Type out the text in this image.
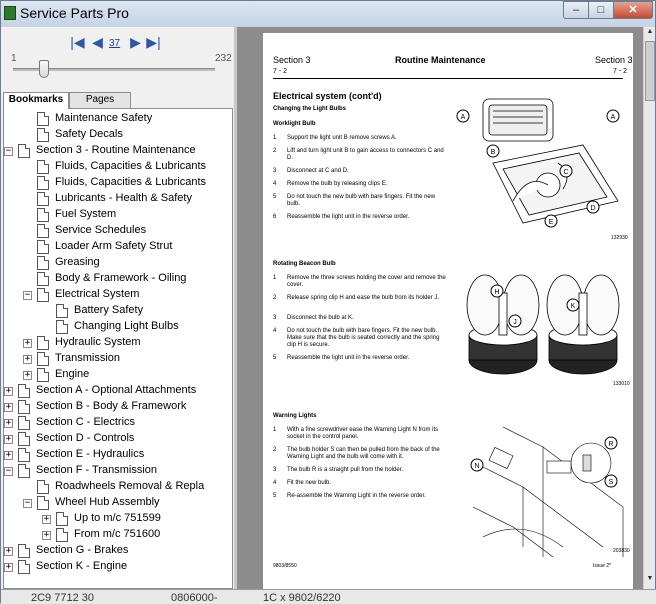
Service Parts Pro	–	□	✕
|◀ ◀ 37 ▶ ▶|
1	232
Bookmarks	Pages
Maintenance Safety
Safety Decals
− Section 3 - Routine Maintenance
Fluids, Capacities & Lubricants
Fluids, Capacities & Lubricants
Lubricants - Health & Safety
Fuel System
Service Schedules
Loader Arm Safety Strut
Greasing
Body & Framework - Oiling
− Electrical System
Battery Safety
Changing Light Bulbs
+ Hydraulic System
+ Transmission
+ Engine
+ Section A - Optional Attachments
+ Section B - Body & Framework
+ Section C - Electrics
+ Section D - Controls
+ Section E - Hydraulics
− Section F - Transmission
Roadwheels Removal & Repla
− Wheel Hub Assembly
+ Up to m/c 751599
+ From m/c 751600
+ Section G - Brakes
+ Section K - Engine
Section 3	Routine Maintenance	Section 3
7 - 2	7 - 2
Electrical system (cont'd)
Changing the Light Bulbs
Worklight Bulb
1 Support the light unit B remove screws A.
2 Lift and turn light unit B to gain access to connectors C and D.
3 Disconnect at C and D.
4 Remove the bulb by releasing clips E.
5 Do not touch the new bulb with bare fingers. Fit the new bulb.
6 Reassemble the light unit in the reverse order.
A	A
B
C
D
E
132930
Rotating Beacon Bulb
1 Remove the three screws holding the cover and remove the cover.
2 Release spring clip H and ease the bulb from its holder J.
3 Disconnect the bulb at K.
4 Do not touch the bulb with bare fingers. Fit the new bulb. Make sure that the bulb is seated correctly and the spring clip H is secure.
5 Reassemble the light unit in the reverse order.
H
J
K
133010
Warning Lights
1 With a fine screwdriver ease the Warning Light N from its socket in the control panel.
2 The bulb holder S can then be pulled from the back of the Warning Light and the bulb will come with it.
3 The bulb R is a straight pull from the holder.
4 Fit the new bulb.
5 Re-assemble the Warning Light in the reverse order.
N
R
S
203830
9803/8550	Issue 2*
▲
▼
2C9 7712 30	0806000-	1C x 9802/6220
